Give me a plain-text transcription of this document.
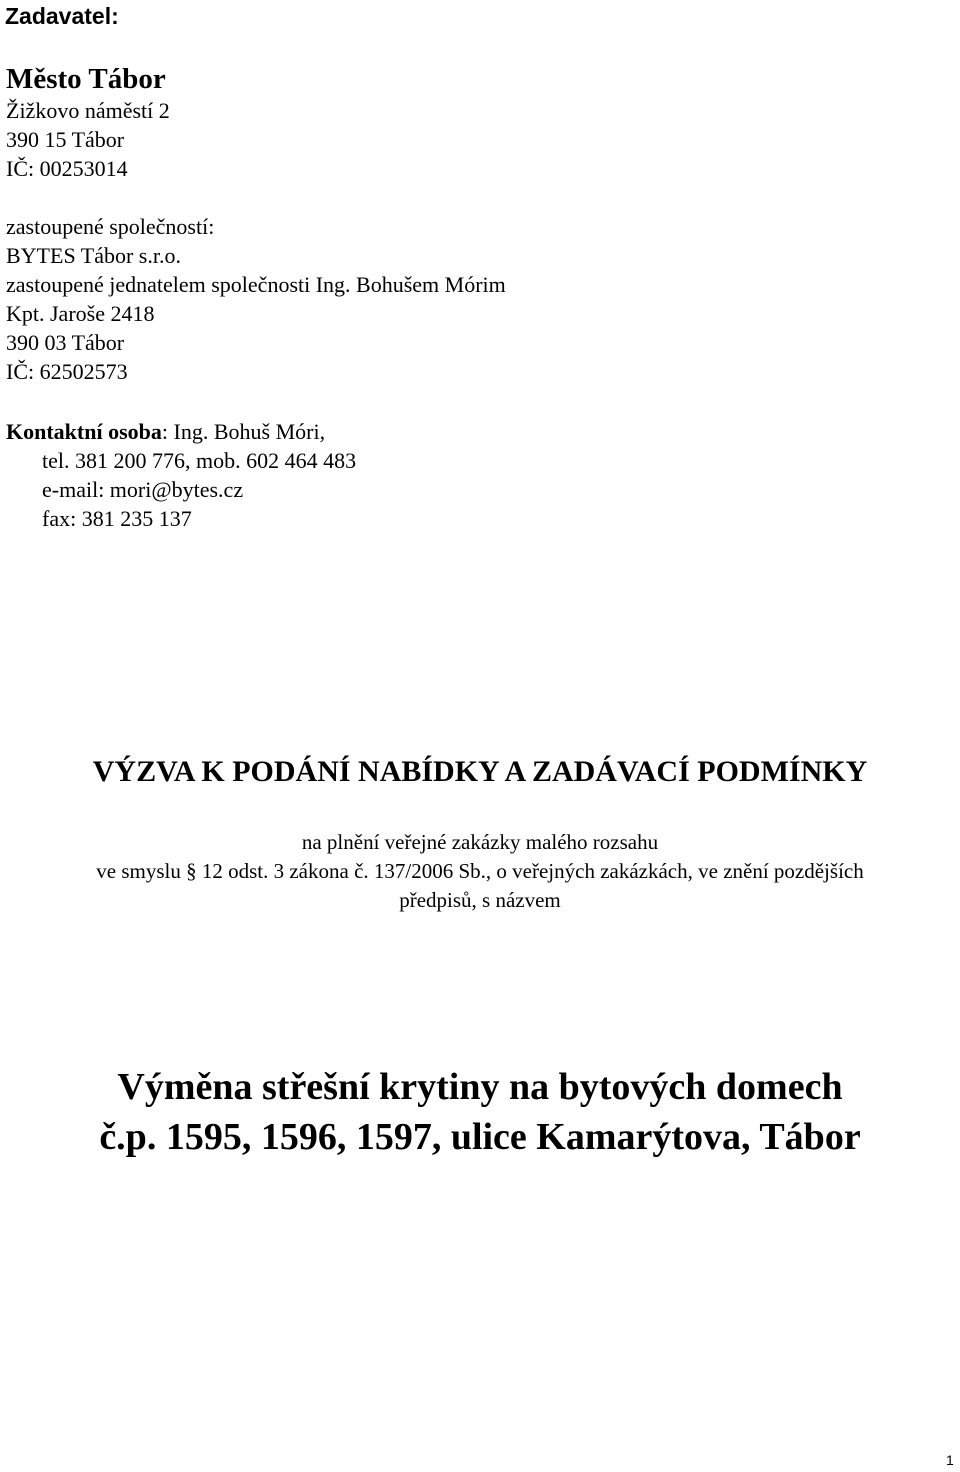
Zadavatel:
Město Tábor
Žižkovo náměstí 2
390 15 Tábor
IČ: 00253014
zastoupené společností:
BYTES Tábor s.r.o.
zastoupené jednatelem společnosti Ing. Bohušem Mórim
Kpt. Jaroše 2418
390 03 Tábor
IČ: 62502573
Kontaktní osoba: Ing. Bohuš Móri,
tel. 381 200 776, mob. 602 464 483
e-mail: mori@bytes.cz
fax: 381 235 137
VÝZVA K PODÁNÍ NABÍDKY A ZADÁVACÍ PODMÍNKY
na plnění veřejné zakázky malého rozsahu
ve smyslu § 12 odst. 3 zákona č. 137/2006 Sb., o veřejných zakázkách, ve znění pozdějších
předpisů, s názvem
Výměna střešní krytiny na bytových domech
č.p. 1595, 1596, 1597, ulice Kamarýtova, Tábor
1
